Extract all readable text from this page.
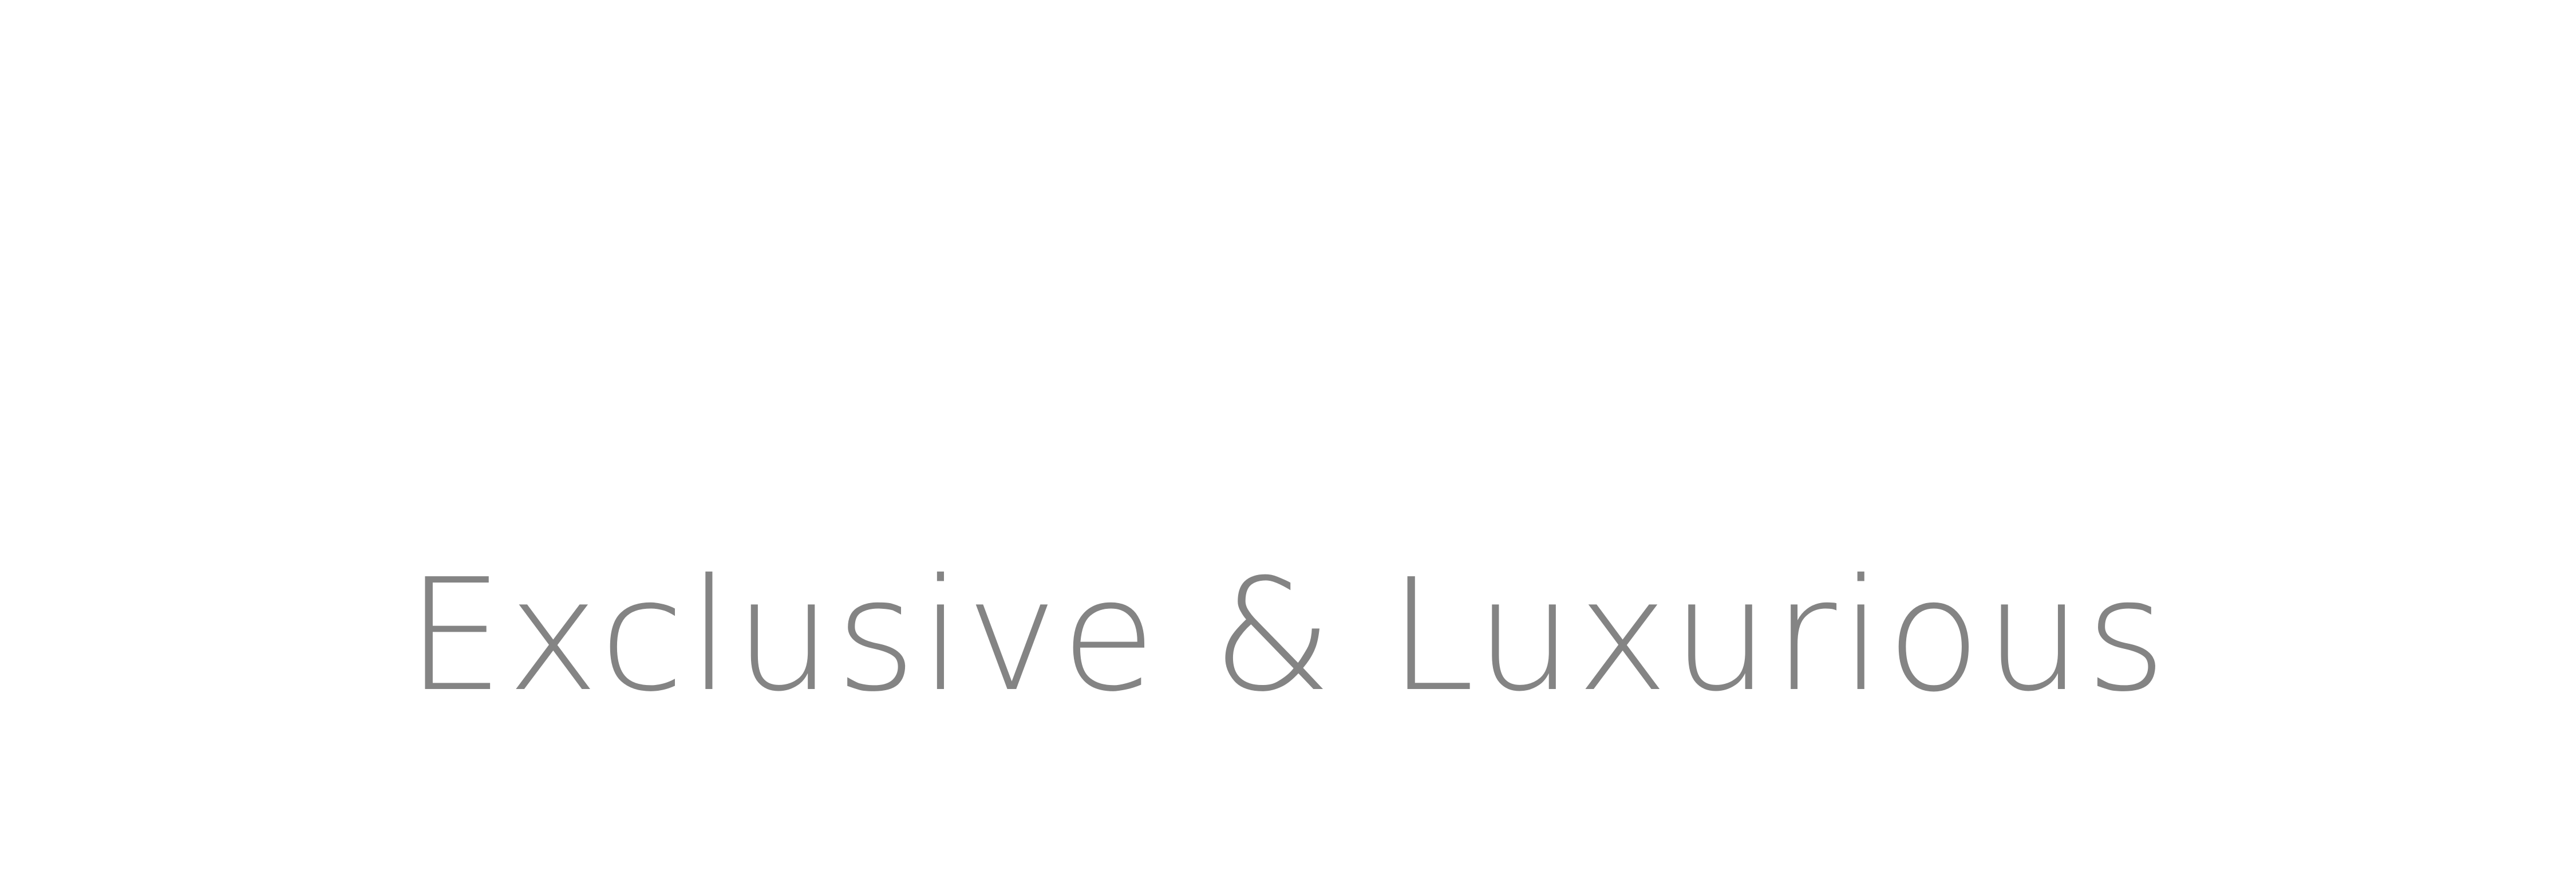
Exclusive & Luxurious
